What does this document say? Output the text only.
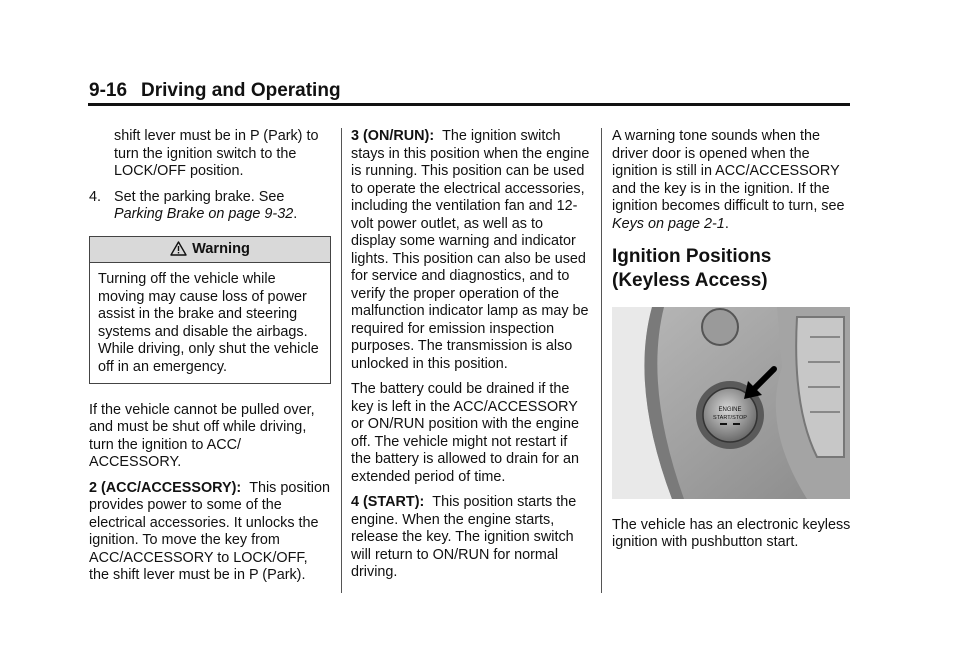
9-16 Driving and Operating

shift lever must be in P (Park) to turn the ignition switch to the LOCK/OFF position.

4. Set the parking brake. See
Parking Brake on page 9-32.
Warning
Turning off the vehicle while moving may cause loss of power assist in the brake and steering systems and disable the airbags. While driving, only shut the vehicle off in an emergency.

If the vehicle cannot be pulled over, and must be shut off while driving, turn the ignition to ACC/ ACCESSORY.

2 (ACC/ACCESSORY): This position provides power to some of the electrical accessories. It unlocks the ignition. To move the key from ACC/ACCESSORY to LOCK/OFF, the shift lever must be in P (Park).

3 (ON/RUN): The ignition switch stays in this position when the engine is running. This position can be used to operate the electrical accessories, including the ventilation fan and 12-volt power outlet, as well as to display some warning and indicator lights. This position can also be used for service and diagnostics, and to verify the proper operation of the malfunction indicator lamp as may be required for emission inspection purposes. The transmission is also unlocked in this position.

The battery could be drained if the key is left in the ACC/ACCESSORY or ON/RUN position with the engine off. The vehicle might not restart if the battery is allowed to drain for an extended period of time.

4 (START): This position starts the engine. When the engine starts, release the key. The ignition switch will return to ON/RUN for normal driving.

A warning tone sounds when the driver door is opened when the ignition is still in ACC/ACCESSORY and the key is in the ignition. If the ignition becomes difficult to turn, see Keys on page 2-1.

Ignition Positions (Keyless Access)
ENGINE
START/STOP

The vehicle has an electronic keyless ignition with pushbutton start.
